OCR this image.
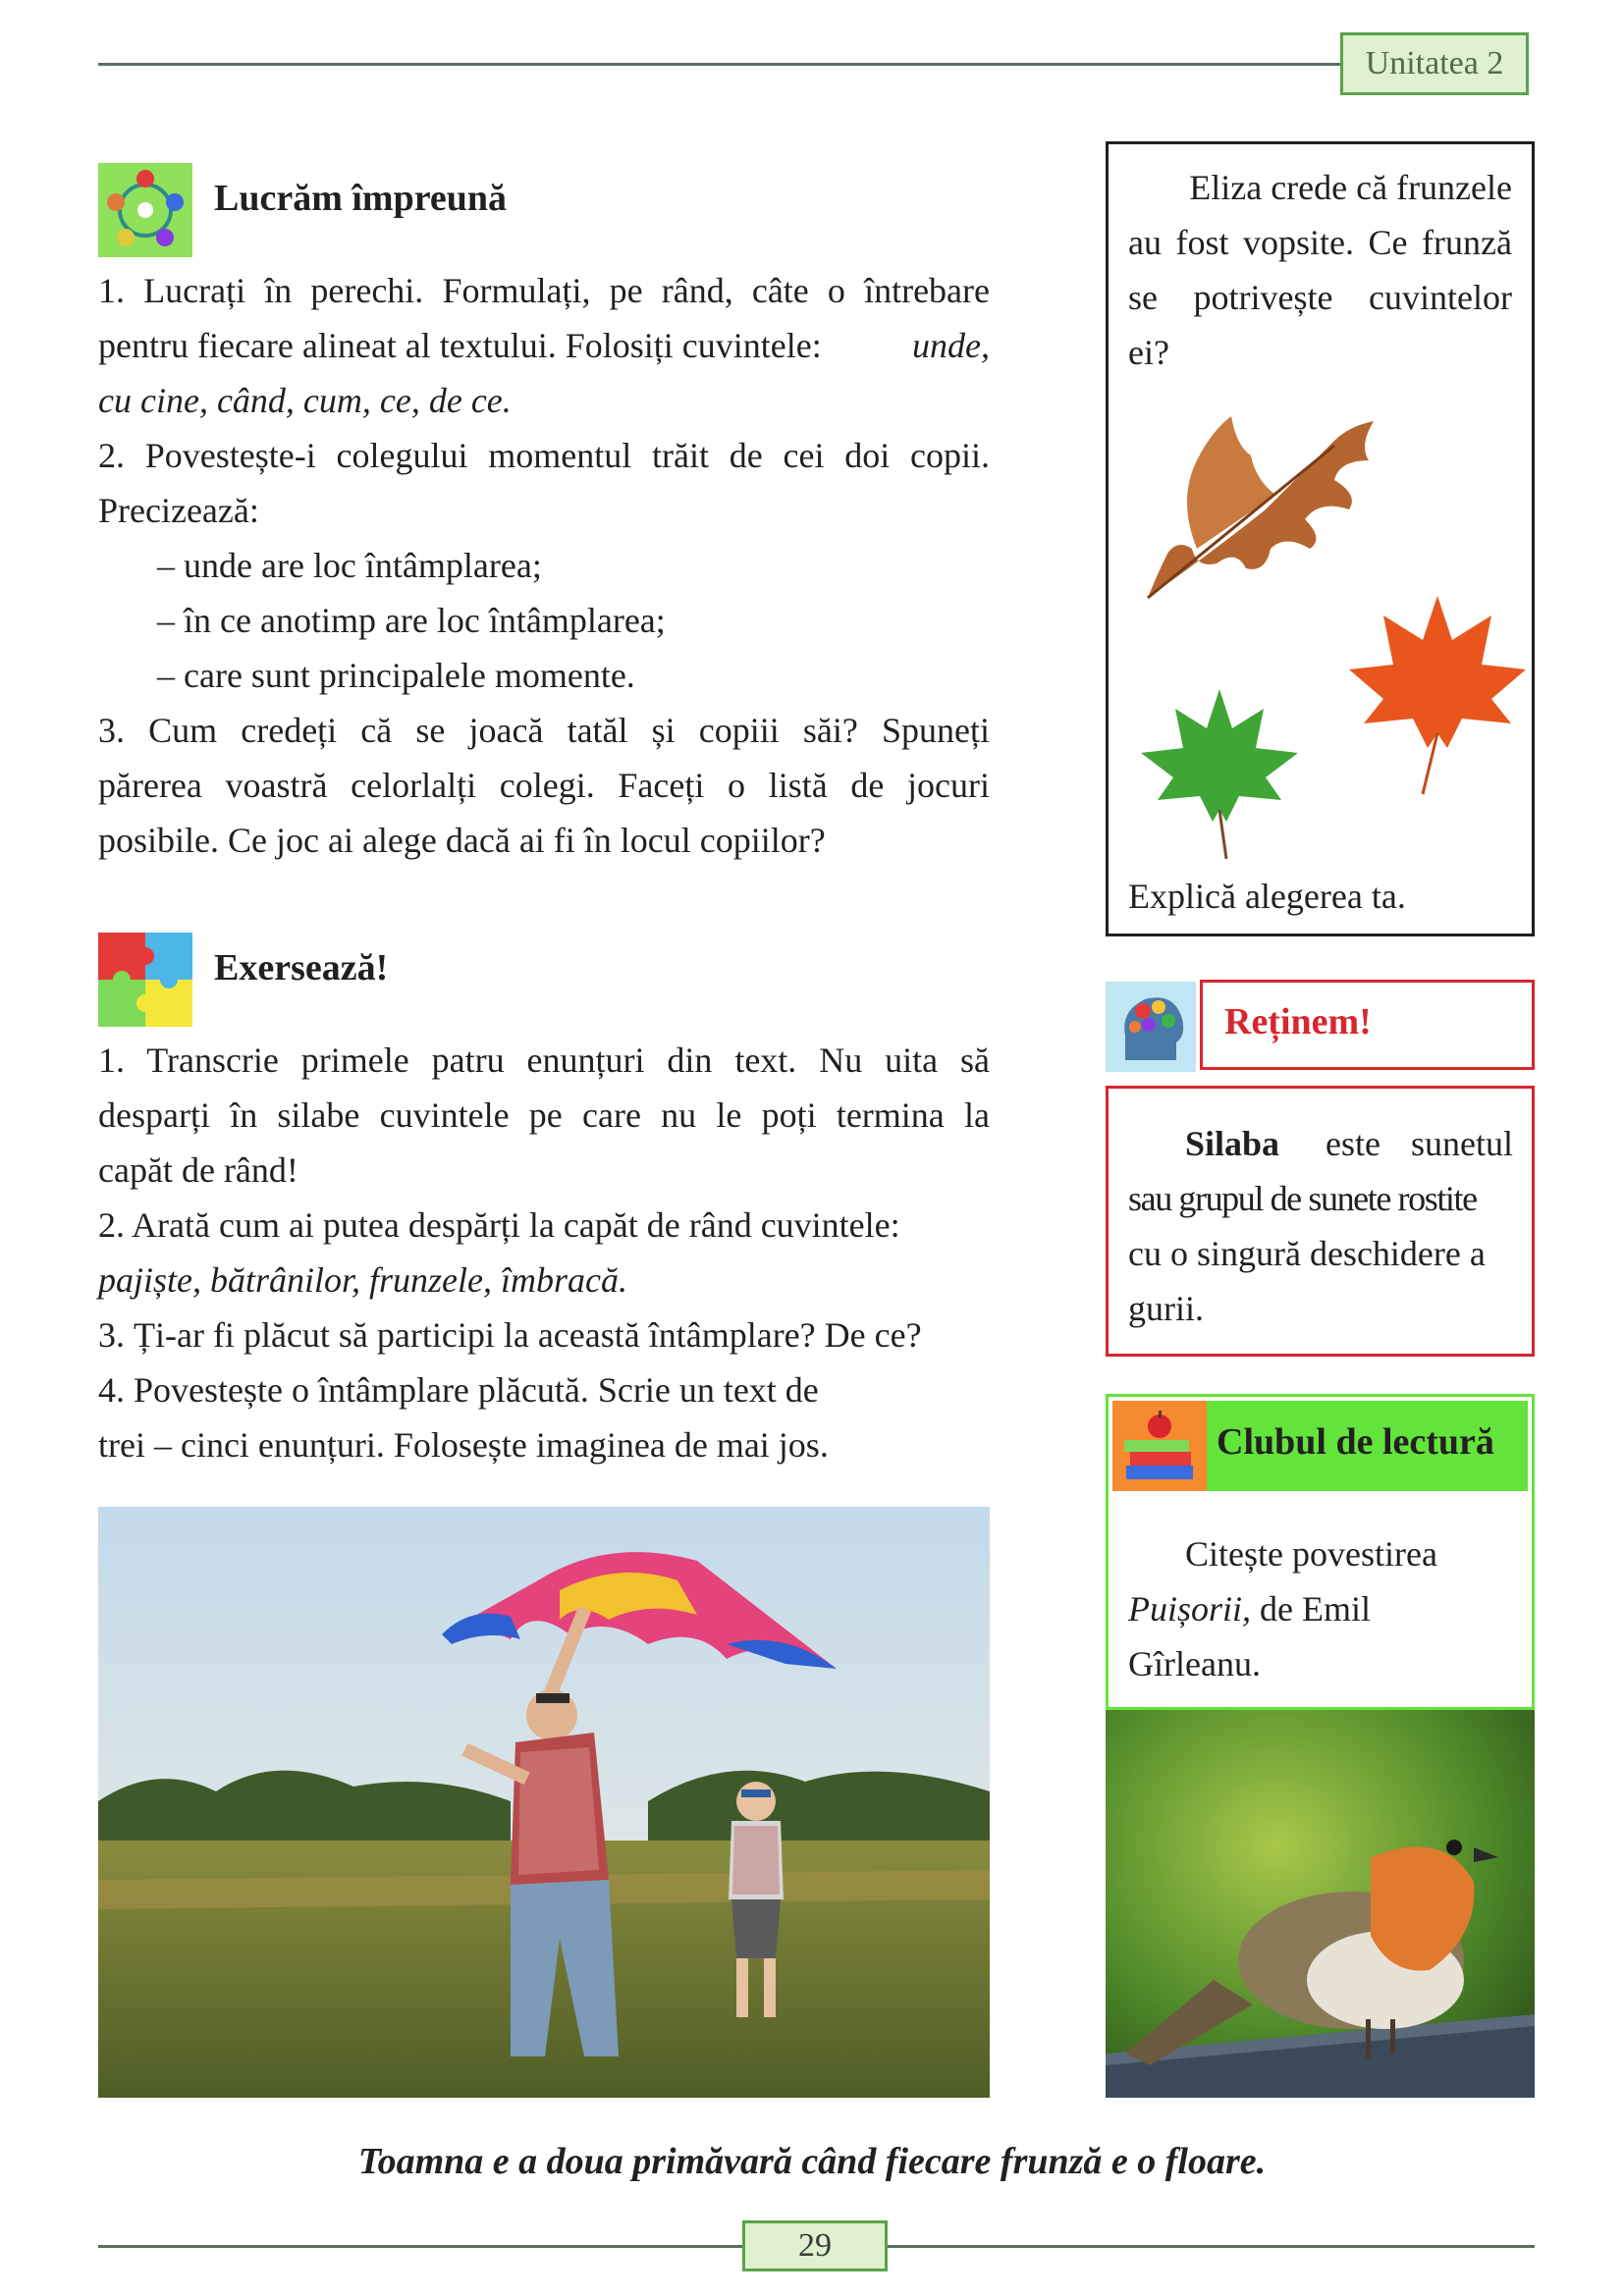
Unitatea 2
Lucrăm împreună
1. Lucrați în perechi. Formulați, pe rând, câte o întrebare
pentru fiecare alineat al textului. Folosiți cuvintele:	unde,
cu cine, când, cum, ce, de ce.
2. Povestește-i colegului momentul trăit de cei doi copii.
Precizează:
– unde are loc întâmplarea;
– în ce anotimp are loc întâmplarea;
– care sunt principalele momente.
3. Cum credeți că se joacă tatăl și copiii săi? Spuneți
părerea voastră celorlalți colegi. Faceți o listă de jocuri
posibile. Ce joc ai alege dacă ai fi în locul copiilor?
Exersează!
1. Transcrie primele patru enunțuri din text. Nu uita să
desparți în silabe cuvintele pe care nu le poți termina la
capăt de rând!
2. Arată cum ai putea despărți la capăt de rând cuvintele:
pajiște, bătrânilor, frunzele, îmbracă.
3. Ți-ar fi plăcut să participi la această întâmplare? De ce?
4. Povestește o întâmplare plăcută. Scrie un text de
trei – cinci enunțuri. Folosește imaginea de mai jos.
Eliza crede că frunzele
au fost vopsite. Ce frunză
se potrivește cuvintelor
ei?
Explică alegerea ta.
Reținem!
Silaba este sunetul
sau grupul de sunete rostite
cu o singură deschidere a
gurii.
Clubul de lectură
Citește povestirea
Puișorii, de Emil
Gîrleanu.
Toamna e a doua primăvară când fiecare frunză e o floare.
29
